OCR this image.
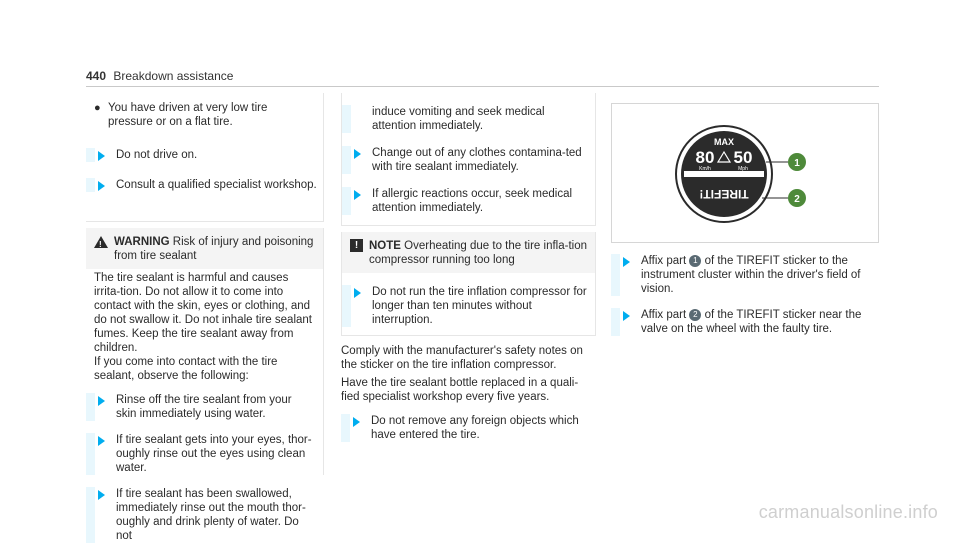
440 Breakdown assistance
● You have driven at very low tire pressure or on a flat tire.

Do not drive on.

Consult a qualified specialist workshop.

! WARNING Risk of injury and poisoning from tire sealant

The tire sealant is harmful and causes irrita-tion. Do not allow it to come into contact with the skin, eyes or clothing, and do not swallow it. Do not inhale tire sealant fumes. Keep the tire sealant away from children.

If you come into contact with the tire sealant, observe the following:

Rinse off the tire sealant from your skin immediately using water.

If tire sealant gets into your eyes, thor-oughly rinse out the eyes using clean water.

If tire sealant has been swallowed, immediately rinse out the mouth thor-oughly and drink plenty of water. Do not

induce vomiting and seek medical attention immediately.

Change out of any clothes contamina-ted with tire sealant immediately.

If allergic reactions occur, seek medical attention immediately.

! NOTE Overheating due to the tire infla-tion compressor running too long

Do not run the tire inflation compressor for longer than ten minutes without interruption.

Comply with the manufacturer's safety notes on the sticker on the tire inflation compressor.

Have the tire sealant bottle replaced in a quali-fied specialist workshop every five years.

Do not remove any foreign objects which have entered the tire.

MAX
80 50
Km/h	Mph
TIREFIT!
1
2

Affix part 1 of the TIREFIT sticker to the instrument cluster within the driver's field of vision.

Affix part 2 of the TIREFIT sticker near the valve on the wheel with the faulty tire.

carmanualsonline.info
